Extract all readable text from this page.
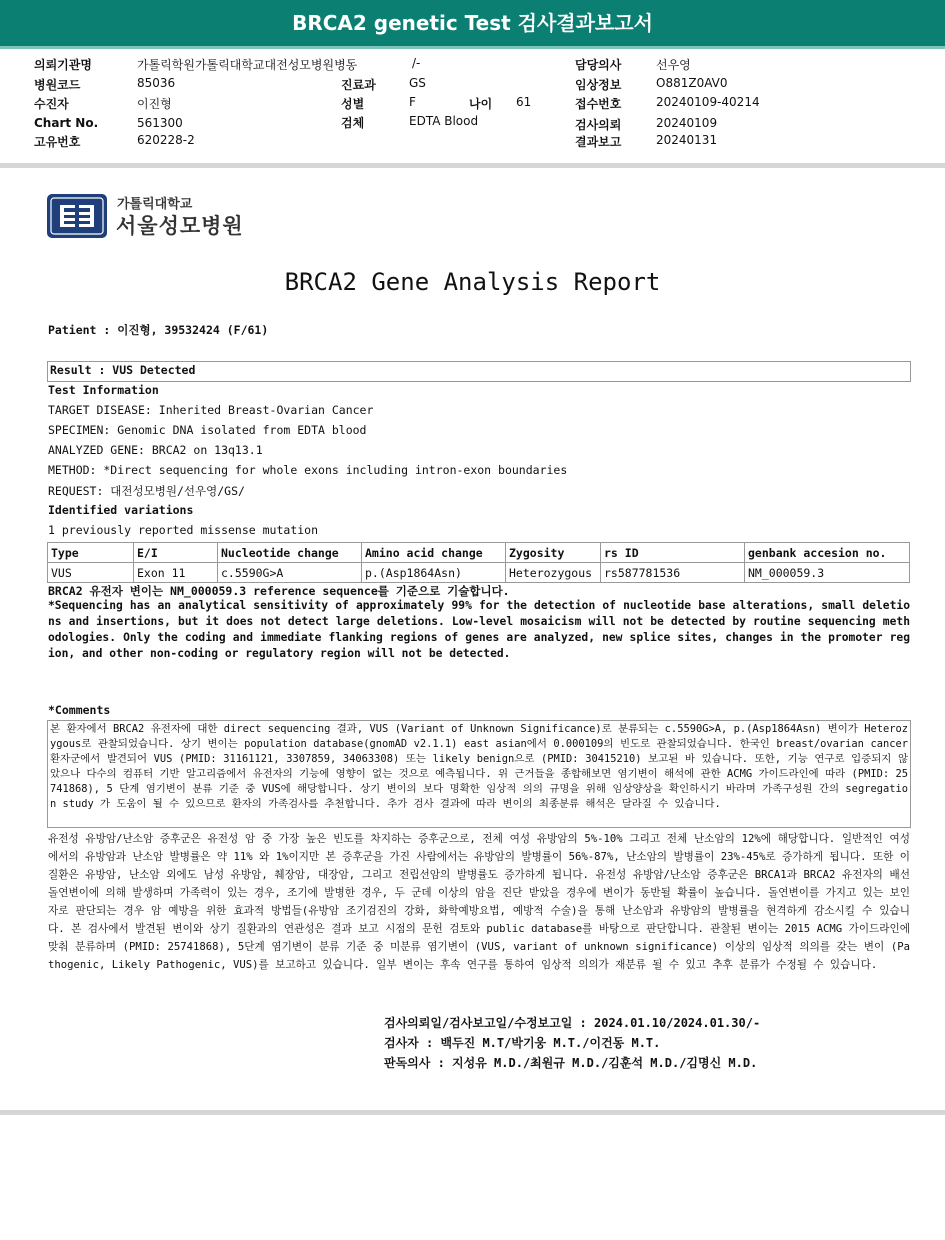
BRCA2 genetic Test 검사결과보고서
의뢰기관명	가톨릭학원가톨릭대학교대전성모병원병동	/-	담당의사	선우영
병원코드	85036	진료과	GS	임상정보	O881Z0AV0
수진자	이진형	성별	F	나이 61	접수번호	20240109-40214
Chart No.	561300	검체	EDTA Blood	검사의뢰	20240109
고유번호	620228-2	결과보고	20240131
가톨릭대학교
서울성모병원
BRCA2 Gene Analysis Report
Patient : 이진형, 39532424 (F/61)
Result : VUS Detected
Test Information
TARGET DISEASE: Inherited Breast-Ovarian Cancer
SPECIMEN: Genomic DNA isolated from EDTA blood
ANALYZED GENE: BRCA2 on 13q13.1
METHOD: *Direct sequencing for whole exons including intron-exon boundaries
REQUEST: 대전성모병원/선우영/GS/
Identified variations
1 previously reported missense mutation
Type	E/I	Nucleotide change	Amino acid change	Zygosity	rs ID	genbank accesion no.
VUS	Exon 11	c.5590G>A	p.(Asp1864Asn)	Heterozygous	rs587781536	NM_000059.3
BRCA2 유전자 변이는 NM_000059.3 reference sequence를 기준으로 기술합니다.
*Sequencing has an analytical sensitivity of approximately 99% for the detection of nucleotide base alterations, small deletions and insertions, but it does not detect large deletions. Low-level mosaicism will not be detected by routine sequencing methodologies. Only the coding and immediate flanking regions of genes are analyzed, new splice sites, changes in the promoter region, and other non-coding or regulatory region will not be detected.
*Comments
본 환자에서 BRCA2 유전자에 대한 direct sequencing 결과, VUS (Variant of Unknown Significance)로 분류되는 c.5590G>A, p.(Asp1864Asn) 변이가 Heterozygous로 관찰되었습니다. 상기 변이는 population database(gnomAD v2.1.1) east asian에서 0.000109의 빈도로 관찰되었습니다. 한국인 breast/ovarian cancer 환자군에서 발견되어 VUS (PMID: 31161121, 3307859, 34063308) 또는 likely benign으로 (PMID: 30415210) 보고된 바 있습니다. 또한, 기능 연구로 입증되지 않았으나 다수의 컴퓨터 기반 알고리즘에서 유전자의 기능에 영향이 없는 것으로 예측됩니다. 위 근거들을 종합해보면 염기변이 해석에 관한 ACMG 가이드라인에 따라 (PMID: 25741868), 5 단계 염기변이 분류 기준 중 VUS에 해당합니다. 상기 변이의 보다 명확한 임상적 의의 규명을 위해 임상양상을 확인하시기 바라며 가족구성원 간의 segregation study 가 도움이 될 수 있으므로 환자의 가족검사를 추천합니다. 추가 검사 결과에 따라 변이의 최종분류 해석은 달라질 수 있습니다.
유전성 유방암/난소암 증후군은 유전성 암 중 가장 높은 빈도를 차지하는 증후군으로, 전체 여성 유방암의 5%-10% 그리고 전체 난소암의 12%에 해당합니다. 일반적인 여성에서의 유방암과 난소암 발병률은 약 11% 와 1%이지만 본 증후군을 가진 사람에서는 유방암의 발병률이 56%-87%, 난소암의 발병률이 23%-45%로 증가하게 됩니다. 또한 이 질환은 유방암, 난소암 외에도 남성 유방암, 췌장암, 대장암, 그리고 전립선암의 발병률도 증가하게 됩니다. 유전성 유방암/난소암 증후군은 BRCA1과 BRCA2 유전자의 배선 돌연변이에 의해 발생하며 가족력이 있는 경우, 조기에 발병한 경우, 두 군데 이상의 암을 진단 받았을 경우에 변이가 동반될 확률이 높습니다. 돌연변이를 가지고 있는 보인자로 판단되는 경우 암 예방을 위한 효과적 방법들(유방암 조기검진의 강화, 화학예방요법, 예방적 수술)을 통해 난소암과 유방암의 발병률을 현격하게 감소시킬 수 있습니다. 본 검사에서 발견된 변이와 상기 질환과의 연관성은 결과 보고 시점의 문헌 검토와 public database를 바탕으로 판단합니다. 관찰된 변이는 2015 ACMG 가이드라인에 맞춰 분류하며 (PMID: 25741868), 5단계 염기변이 분류 기준 중 미분류 염기변이 (VUS, variant of unknown significance) 이상의 임상적 의의를 갖는 변이 (Pathogenic, Likely Pathogenic, VUS)를 보고하고 있습니다. 일부 변이는 후속 연구를 통하여 임상적 의의가 재분류 될 수 있고 추후 분류가 수정될 수 있습니다.
검사의뢰일/검사보고일/수정보고일 : 2024.01.10/2024.01.30/-
검사자 : 백두진 M.T/박기웅 M.T./이건동 M.T.
판독의사 : 지성유 M.D./최원규 M.D./김훈석 M.D./김명신 M.D.
